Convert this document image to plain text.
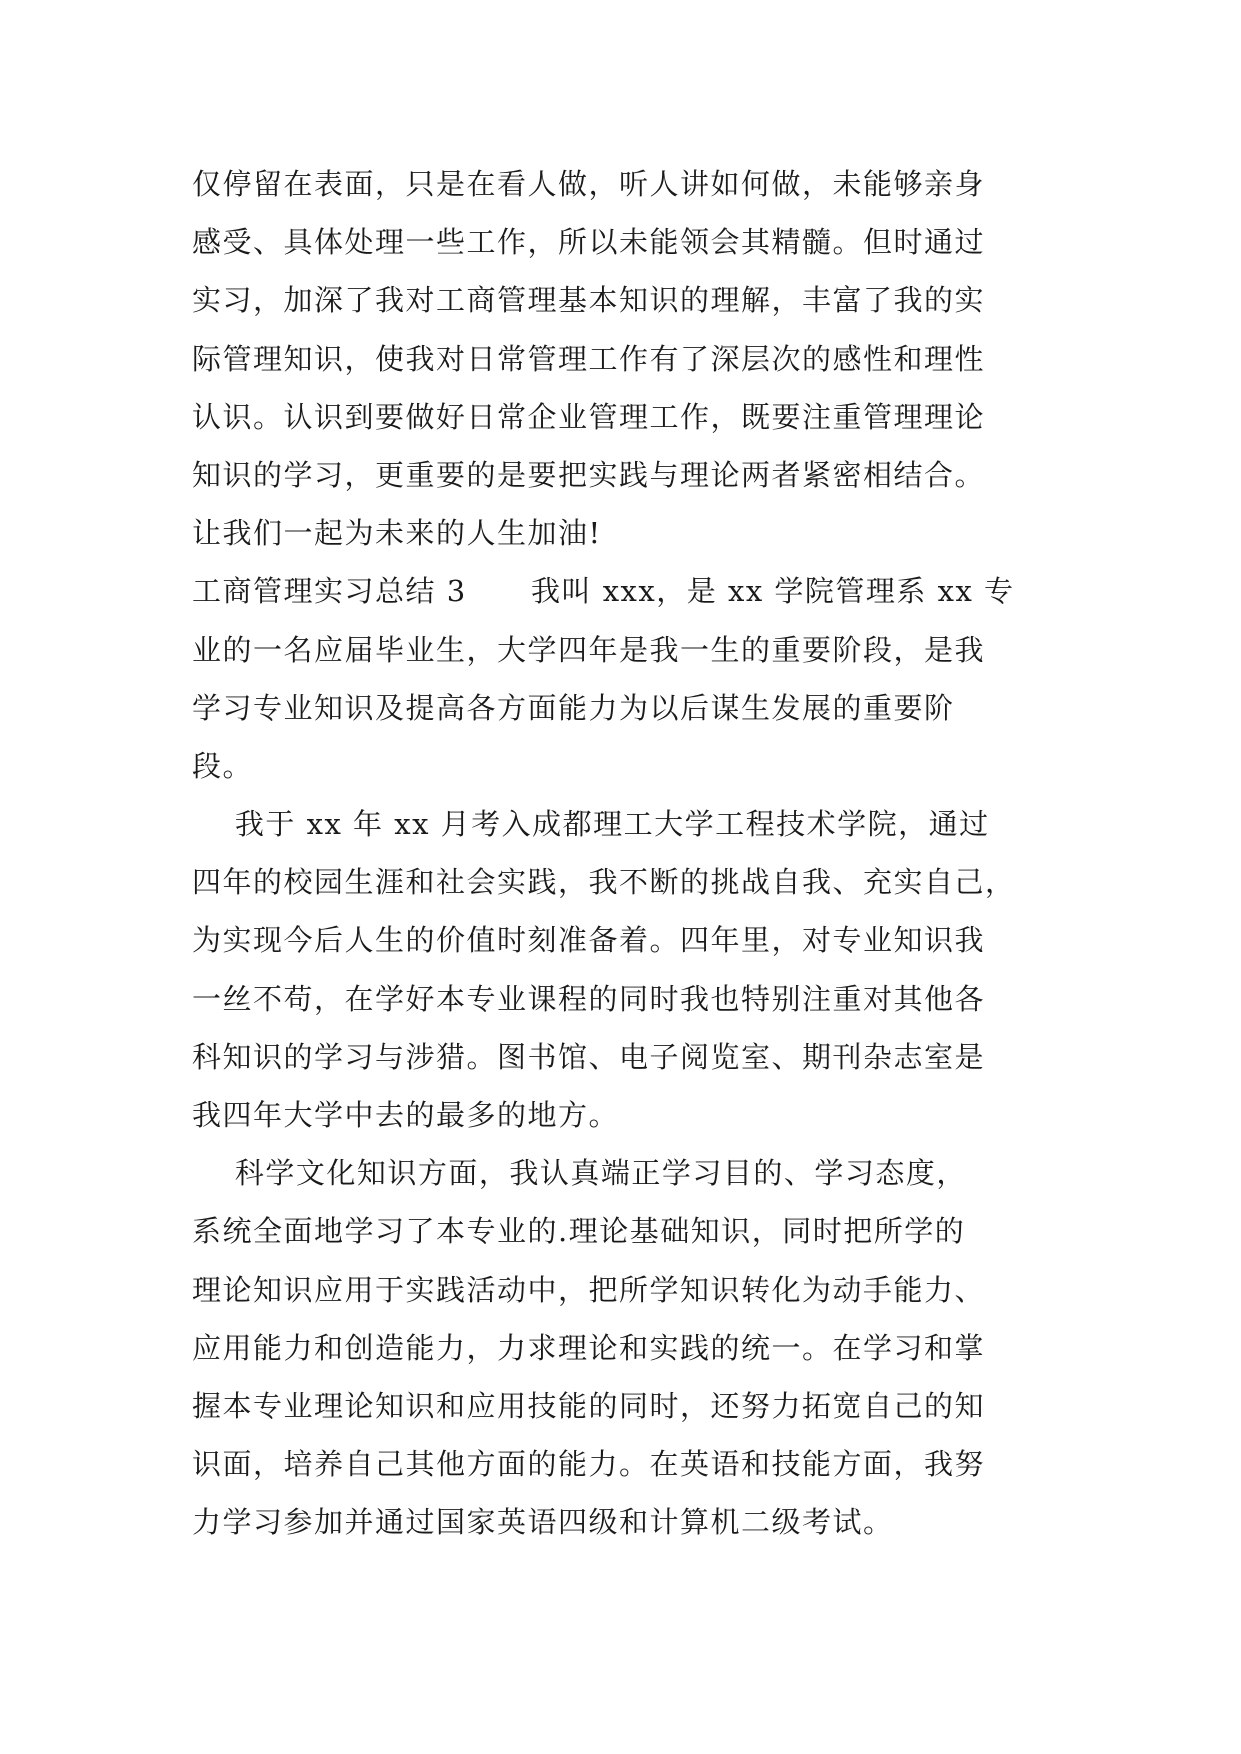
仅停留在表面，只是在看人做，听人讲如何做，未能够亲身
感受、具体处理一些工作，所以未能领会其精髓。但时通过
实习，加深了我对工商管理基本知识的理解，丰富了我的实
际管理知识，使我对日常管理工作有了深层次的感性和理性
认识。认识到要做好日常企业管理工作，既要注重管理理论
知识的学习，更重要的是要把实践与理论两者紧密相结合。
让我们一起为未来的人生加油!
工商管理实习总结 3      我叫 xxx，是 xx 学院管理系 xx 专
业的一名应届毕业生，大学四年是我一生的重要阶段，是我
学习专业知识及提高各方面能力为以后谋生发展的重要阶
段。
我于 xx 年 xx 月考入成都理工大学工程技术学院，通过
四年的校园生涯和社会实践，我不断的挑战自我、充实自己，
为实现今后人生的价值时刻准备着。四年里，对专业知识我
一丝不苟，在学好本专业课程的同时我也特别注重对其他各
科知识的学习与涉猎。图书馆、电子阅览室、期刊杂志室是
我四年大学中去的最多的地方。
科学文化知识方面，我认真端正学习目的、学习态度，
系统全面地学习了本专业的.理论基础知识，同时把所学的
理论知识应用于实践活动中，把所学知识转化为动手能力、
应用能力和创造能力，力求理论和实践的统一。在学习和掌
握本专业理论知识和应用技能的同时，还努力拓宽自己的知
识面，培养自己其他方面的能力。在英语和技能方面，我努
力学习参加并通过国家英语四级和计算机二级考试。
